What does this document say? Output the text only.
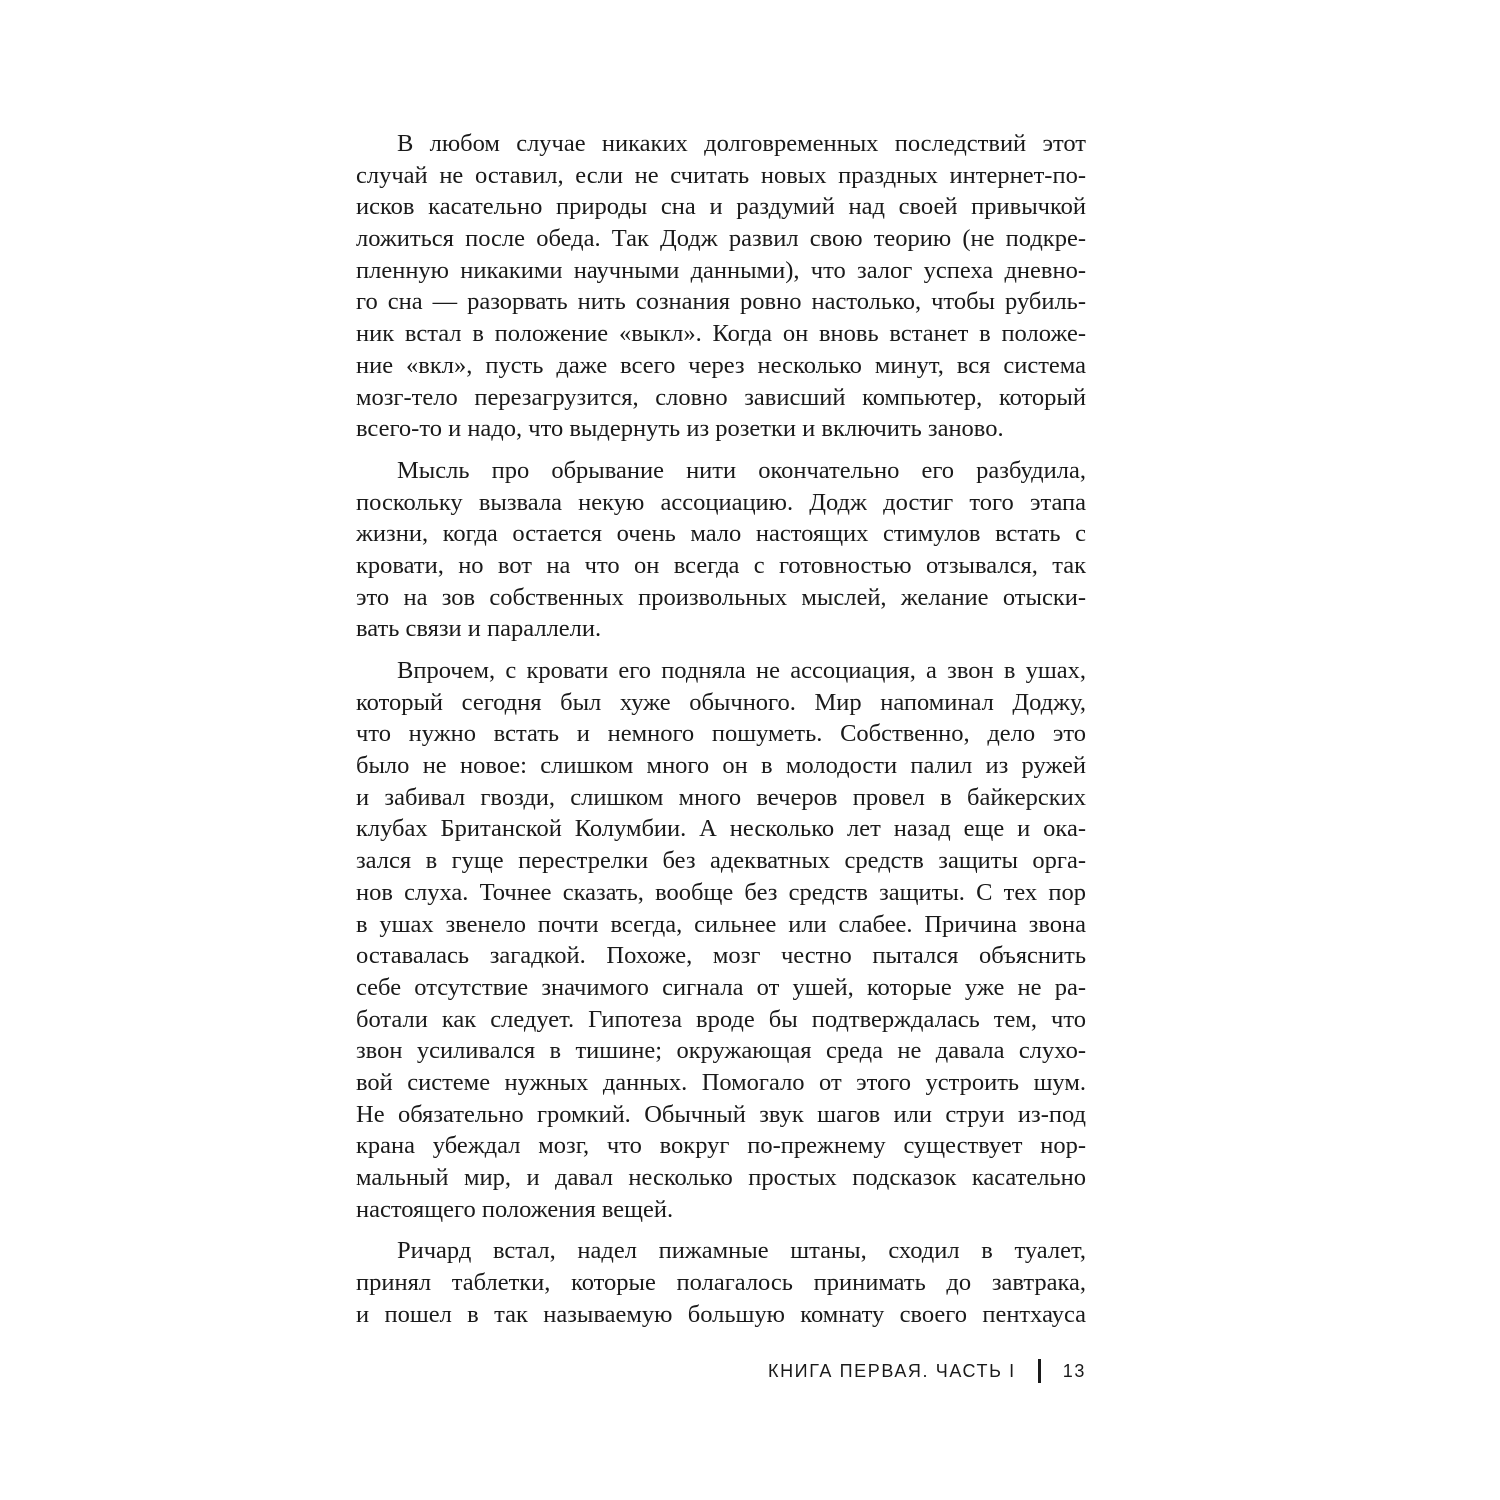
В любом случае никаких долговременных последствий этот
случай не оставил, если не считать новых праздных интернет-по-
исков касательно природы сна и раздумий над своей привычкой
ложиться после обеда. Так Додж развил свою теорию (не подкре-
пленную никакими научными данными), что залог успеха дневно-
го сна — разорвать нить сознания ровно настолько, чтобы рубиль-
ник встал в положение «выкл». Когда он вновь встанет в положе-
ние «вкл», пусть даже всего через несколько минут, вся система
мозг-тело перезагрузится, словно зависший компьютер, который
всего-то и надо, что выдернуть из розетки и включить заново.
Мысль про обрывание нити окончательно его разбудила,
поскольку вызвала некую ассоциацию. Додж достиг того этапа
жизни, когда остается очень мало настоящих стимулов встать с
кровати, но вот на что он всегда с готовностью отзывался, так
это на зов собственных произвольных мыслей, желание отыски-
вать связи и параллели.
Впрочем, с кровати его подняла не ассоциация, а звон в ушах,
который сегодня был хуже обычного. Мир напоминал Доджу,
что нужно встать и немного пошуметь. Собственно, дело это
было не новое: слишком много он в молодости палил из ружей
и забивал гвозди, слишком много вечеров провел в байкерских
клубах Британской Колумбии. А несколько лет назад еще и ока-
зался в гуще перестрелки без адекватных средств защиты орга-
нов слуха. Точнее сказать, вообще без средств защиты. С тех пор
в ушах звенело почти всегда, сильнее или слабее. Причина звона
оставалась загадкой. Похоже, мозг честно пытался объяснить
себе отсутствие значимого сигнала от ушей, которые уже не ра-
ботали как следует. Гипотеза вроде бы подтверждалась тем, что
звон усиливался в тишине; окружающая среда не давала слухо-
вой системе нужных данных. Помогало от этого устроить шум.
Не обязательно громкий. Обычный звук шагов или струи из-под
крана убеждал мозг, что вокруг по-прежнему существует нор-
мальный мир, и давал несколько простых подсказок касательно
настоящего положения вещей.
Ричард встал, надел пижамные штаны, сходил в туалет,
принял таблетки, которые полагалось принимать до завтрака,
и пошел в так называемую большую комнату своего пентхауса
КНИГА ПЕРВАЯ. ЧАСТЬ I	13
